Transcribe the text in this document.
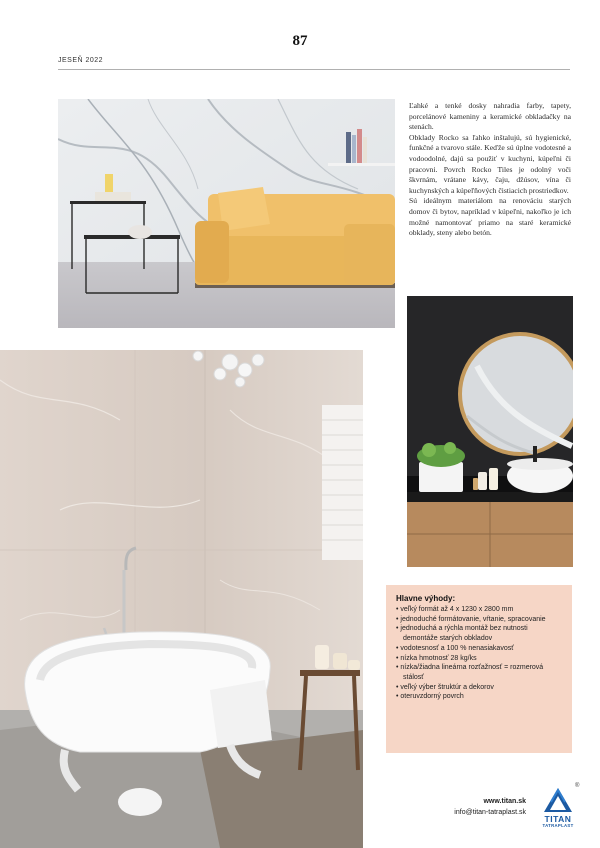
87
JESEŇ 2022

Ľahké a tenké dosky nahradia farby, tapety, porcelánové kameniny a keramické obkladačky na stenách.

Obklady Rocko sa ľahko inštalujú, sú hygienické, funkčné a tvarovo stále. Keďže sú úplne vodotesné a vodoodolné, dajú sa použiť v kuchyni, kúpeľni či pracovni. Povrch Rocko Tiles je odolný voči škvrnám, vrátane kávy, čaju, džúsov, vína či kuchynských a kúpeľňových čistiacich prostriedkov.

Sú ideálnym materiálom na renováciu starých domov či bytov, napríklad v kúpeľni, nakoľko je ich možné namontovať priamo na staré keramické obklady, steny alebo betón.

Hlavne výhody:
• veľký formát až 4 x 1230 x 2800 mm
• jednoduché formátovanie, vŕtanie, spracovanie
• jednoduchá a rýchla montáž bez nutnosti demontáže starých obkladov
• vodotesnosť a 100 % nenasiakavosť
• nízka hmotnosť 28 kg/ks
• nízka/žiadna lineárna rozťažnosť = rozmerová stálosť
• veľký výber štruktúr a dekorov
• oteruvzdorný povrch
www.titan.sk
info@titan-tatraplast.sk
®
TITAN
TATRAPLAST
